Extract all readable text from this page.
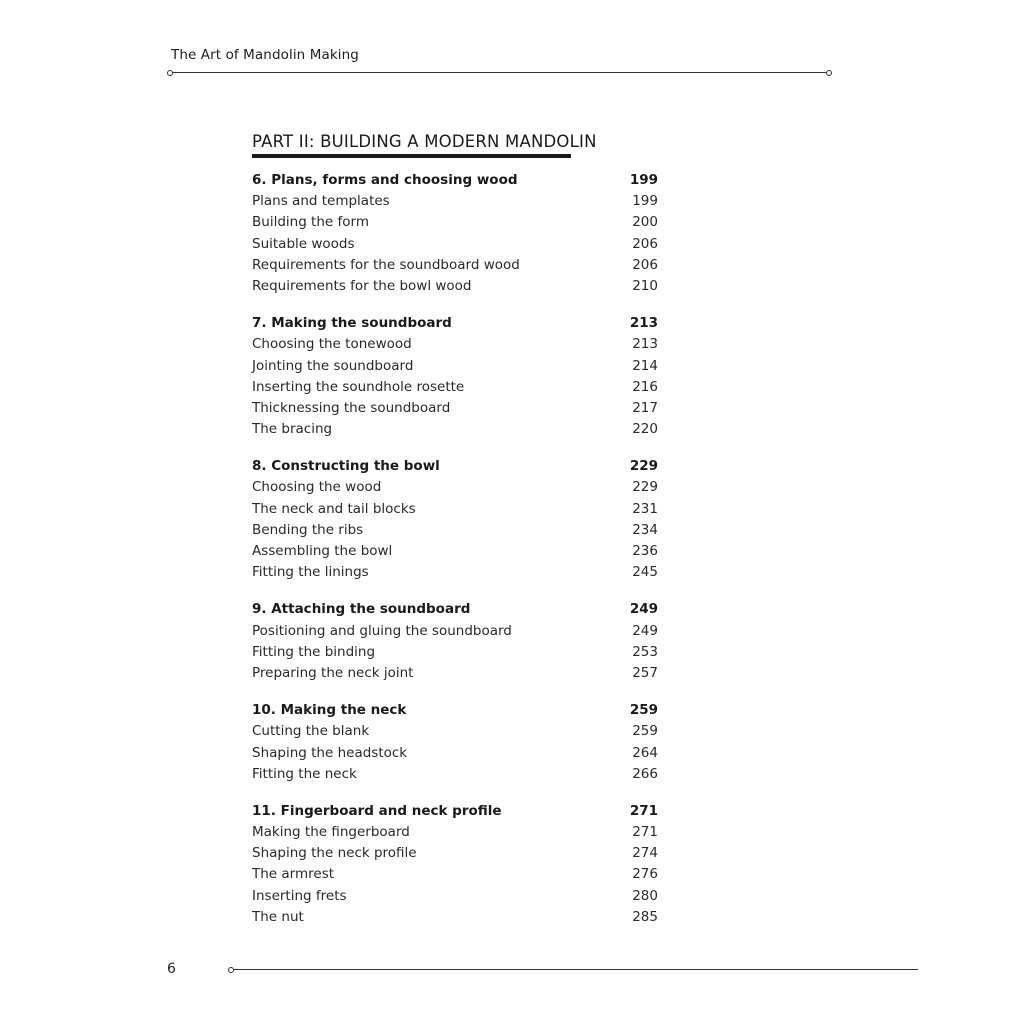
The Art of Mandolin Making
PART II: BUILDING A MODERN MANDOLIN
6. Plans, forms and choosing wood	199
Plans and templates	199
Building the form	200
Suitable woods	206
Requirements for the soundboard wood	206
Requirements for the bowl wood	210
7. Making the soundboard	213
Choosing the tonewood	213
Jointing the soundboard	214
Inserting the soundhole rosette	216
Thicknessing the soundboard	217
The bracing	220
8. Constructing the bowl	229
Choosing the wood	229
The neck and tail blocks	231
Bending the ribs	234
Assembling the bowl	236
Fitting the linings	245
9. Attaching the soundboard	249
Positioning and gluing the soundboard	249
Fitting the binding	253
Preparing the neck joint	257
10. Making the neck	259
Cutting the blank	259
Shaping the headstock	264
Fitting the neck	266
11. Fingerboard and neck profile	271
Making the fingerboard	271
Shaping the neck profile	274
The armrest	276
Inserting frets	280
The nut	285
6
